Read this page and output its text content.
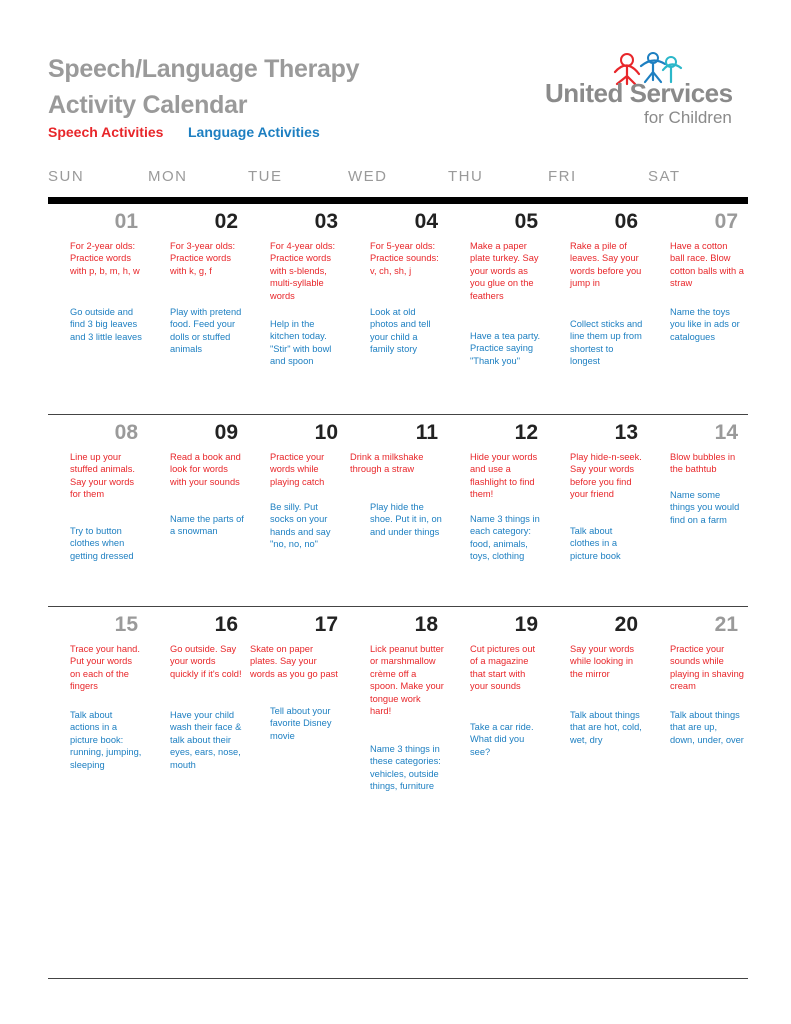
Speech/Language Therapy
Activity Calendar
Speech Activities Language Activities
United Services
for Children
SUN	MON	TUE	WED	THU	FRI	SAT
01
For 2-year olds: Practice words with p, b, m, h, w
Go outside and find 3 big leaves and 3 little leaves
02
For 3-year olds: Practice words with k, g, f
Play with pretend food. Feed your dolls or stuffed animals
03
For 4-year olds: Practice words with s-blends, multi-syllable words
Help in the kitchen today. "Stir" with bowl and spoon
04
For 5-year olds: Practice sounds: v, ch, sh, j
Look at old photos and tell your child a family story
05
Make a paper plate turkey. Say your words as you glue on the feathers
Have a tea party. Practice saying "Thank you"
06
Rake a pile of leaves. Say your words before you jump in
Collect sticks and line them up from shortest to longest
07
Have a cotton ball race. Blow cotton balls with a straw
Name the toys you like in ads or catalogues
08
Line up your stuffed animals. Say your words for them
Try to button clothes when getting dressed
09
Read a book and look for words with your sounds
Name the parts of a snowman
10
Practice your words while playing catch
Be silly. Put socks on your hands and say "no, no, no"
11
Drink a milkshake through a straw
Play hide the shoe. Put it in, on and under things
12
Hide your words and use a flashlight to find them!
Name 3 things in each category: food, animals, toys, clothing
13
Play hide-n-seek. Say your words before you find your friend
Talk about clothes in a picture book
14
Blow bubbles in the bathtub
Name some things you would find on a farm
15
Trace your hand. Put your words on each of the fingers
Talk about actions in a picture book: running, jumping, sleeping
16
Go outside. Say your words quickly if it's cold!
Have your child wash their face & talk about their eyes, ears, nose, mouth
17
Skate on paper plates. Say your words as you go past
Tell about your favorite Disney movie
18
Lick peanut butter or marshmallow crème off a spoon. Make your tongue work hard!
Name 3 things in these categories: vehicles, outside things, furniture
19
Cut pictures out of a magazine that start with your sounds
Take a car ride. What did you see?
20
Say your words while looking in the mirror
Talk about things that are hot, cold, wet, dry
21
Practice your sounds while playing in shaving cream
Talk about things that are up, down, under, over
